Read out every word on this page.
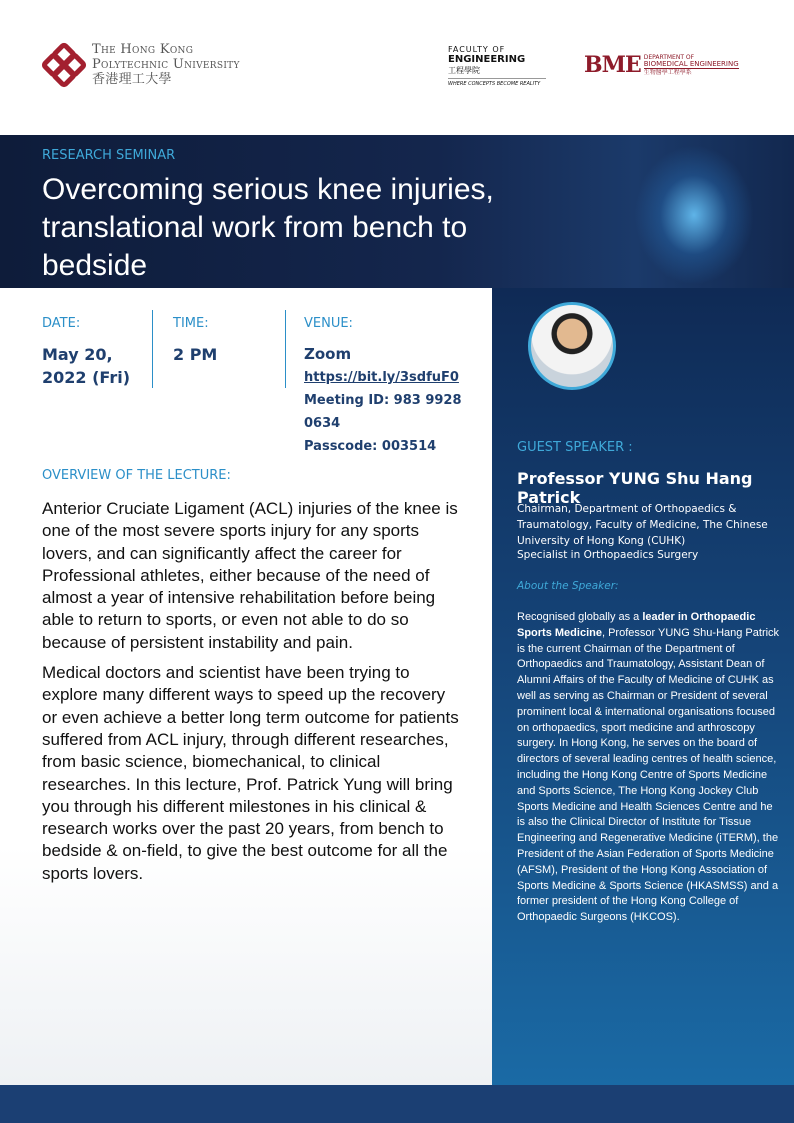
The Hong Kong
Polytechnic University
香港理工大學
FACULTY OF
ENGINEERING
工程學院
WHERE CONCEPTS BECOME REALITY
BME DEPARTMENT OF
BIOMEDICAL ENGINEERING
生物醫學工程學系
RESEARCH SEMINAR
Overcoming serious knee injuries, translational work from bench to bedside
DATE:
May 20,
2022 (Fri)
TIME:
2 PM
VENUE:
Zoom
https://bit.ly/3sdfuF0
Meeting ID: 983 9928 0634
Passcode: 003514
OVERVIEW OF THE LECTURE:

Anterior Cruciate Ligament (ACL) injuries of the knee is one of the most severe sports injury for any sports lovers, and can significantly affect the career for Professional athletes, either because of the need of almost a year of intensive rehabilitation before being able to return to sports, or even not able to do so because of persistent instability and pain.

Medical doctors and scientist have been trying to explore many different ways to speed up the recovery or even achieve a better long term outcome for patients suffered from ACL injury, through different researches, from basic science, biomechanical, to clinical researches. In this lecture, Prof. Patrick Yung will bring you through his different milestones in his clinical & research works over the past 20 years, from bench to bedside & on-field, to give the best outcome for all the sports lovers.

GUEST SPEAKER :
Professor YUNG Shu Hang Patrick
Chairman, Department of Orthopaedics & Traumatology, Faculty of Medicine, The Chinese University of Hong Kong (CUHK)
Specialist in Orthopaedics Surgery
About the Speaker:
Recognised globally as a leader in Orthopaedic Sports Medicine, Professor YUNG Shu-Hang Patrick is the current Chairman of the Department of Orthopaedics and Traumatology, Assistant Dean of Alumni Affairs of the Faculty of Medicine of CUHK as well as serving as Chairman or President of several prominent local & international organisations focused on orthopaedics, sport medicine and arthroscopy surgery. In Hong Kong, he serves on the board of directors of several leading centres of health science, including the Hong Kong Centre of Sports Medicine and Sports Science, The Hong Kong Jockey Club Sports Medicine and Health Sciences Centre and he is also the Clinical Director of Institute for Tissue Engineering and Regenerative Medicine (iTERM), the President of the Asian Federation of Sports Medicine (AFSM), President of the Hong Kong Association of Sports Medicine & Sports Science (HKASMSS) and a former president of the Hong Kong College of Orthopaedic Surgeons (HKCOS).
